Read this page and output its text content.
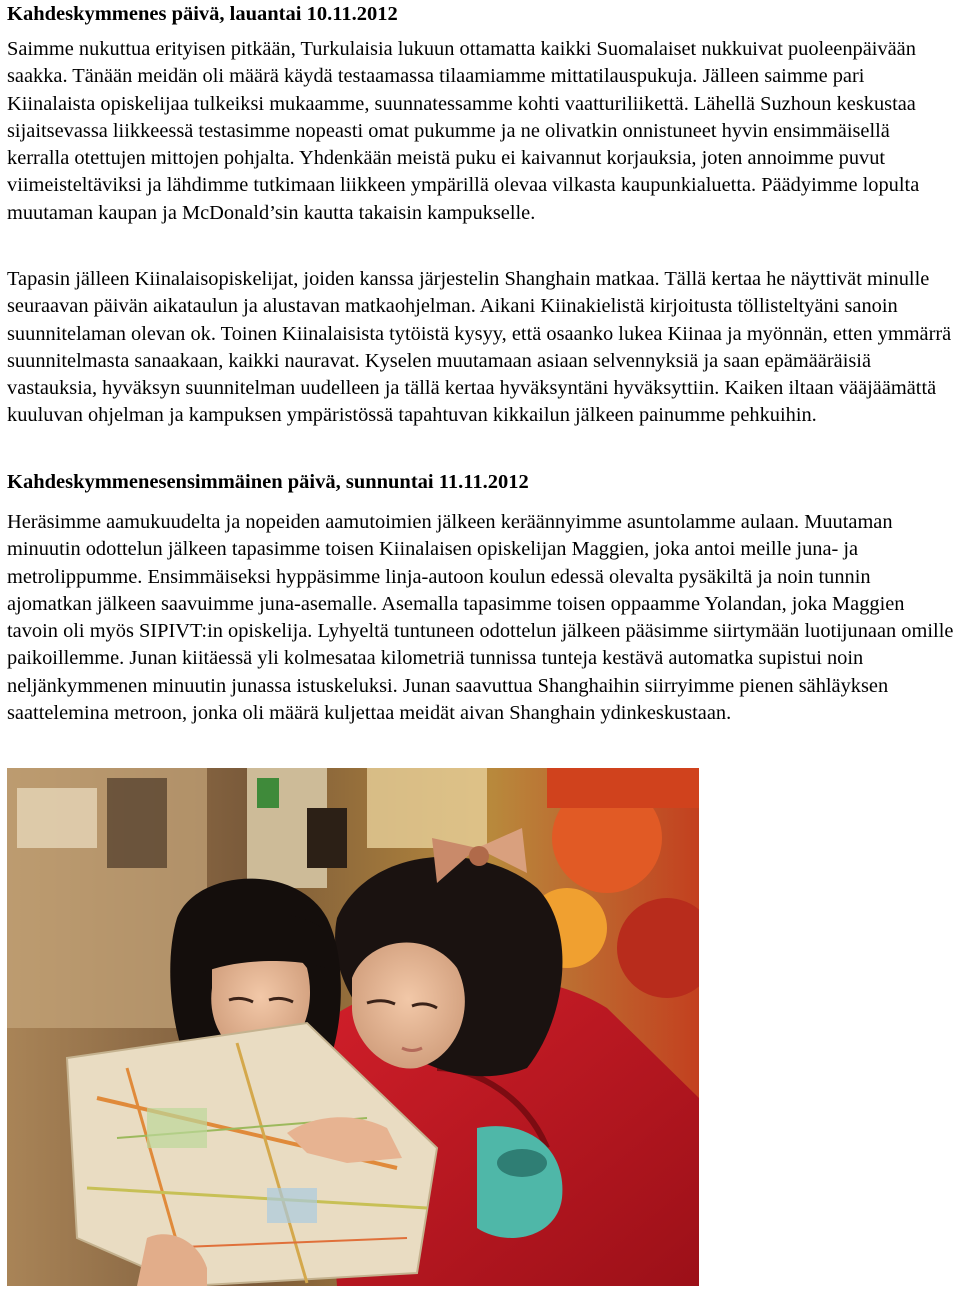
Kahdeskymmenes päivä, lauantai 10.11.2012

Saimme nukuttua erityisen pitkään, Turkulaisia lukuun ottamatta kaikki Suomalaiset nukkuivat puoleenpäivään saakka. Tänään meidän oli määrä käydä testaamassa tilaamiamme mittatilauspukuja. Jälleen saimme pari Kiinalaista opiskelijaa tulkeiksi mukaamme, suunnatessamme kohti vaatturiliikettä. Lähellä Suzhoun keskustaa sijaitsevassa liikkeessä testasimme nopeasti omat pukumme ja ne olivatkin onnistuneet hyvin ensimmäisellä kerralla otettujen mittojen pohjalta. Yhdenkään meistä puku ei kaivannut korjauksia, joten annoimme puvut viimeisteltäviksi ja lähdimme tutkimaan liikkeen ympärillä olevaa vilkasta kaupunkialuetta. Päädyimme lopulta muutaman kaupan ja McDonald’sin kautta takaisin kampukselle.

Tapasin jälleen Kiinalaisopiskelijat, joiden kanssa järjestelin Shanghain matkaa. Tällä kertaa he näyttivät minulle seuraavan päivän aikataulun ja alustavan matkaohjelman. Aikani Kiinakielistä kirjoitusta töllisteltyäni sanoin suunnitelaman olevan ok. Toinen Kiinalaisista tytöistä kysyy, että osaanko lukea Kiinaa ja myönnän, etten ymmärrä suunnitelmasta sanaakaan, kaikki nauravat. Kyselen muutamaan asiaan selvennyksiä ja saan epämääräisiä vastauksia, hyväksyn suunnitelman uudelleen ja tällä kertaa hyväksyntäni hyväksyttiin. Kaiken iltaan vääjäämättä kuuluvan ohjelman ja kampuksen ympäristössä tapahtuvan kikkailun jälkeen painumme pehkuihin.

Kahdeskymmenesensimmäinen päivä, sunnuntai 11.11.2012

Heräsimme aamukuudelta ja nopeiden aamutoimien jälkeen keräännyimme asuntolamme aulaan. Muutaman minuutin odottelun jälkeen tapasimme toisen Kiinalaisen opiskelijan Maggien, joka antoi meille juna- ja metrolippumme. Ensimmäiseksi hyppäsimme linja-autoon koulun edessä olevalta pysäkiltä ja noin tunnin ajomatkan jälkeen saavuimme juna-asemalle. Asemalla tapasimme toisen oppaamme Yolandan, joka Maggien tavoin oli myös SIPIVT:in opiskelija. Lyhyeltä tuntuneen odottelun jälkeen pääsimme siirtymään luotijunaan omille paikoillemme. Junan kiitäessä yli kolmesataa kilometriä tunnissa tunteja kestävä automatka supistui noin neljänkymmenen minuutin junassa istuskeluksi. Junan saavuttua Shanghaihin siirryimme pienen sähläyksen saattelemina metroon, jonka oli määrä kuljettaa meidät aivan Shanghain ydinkeskustaan.
